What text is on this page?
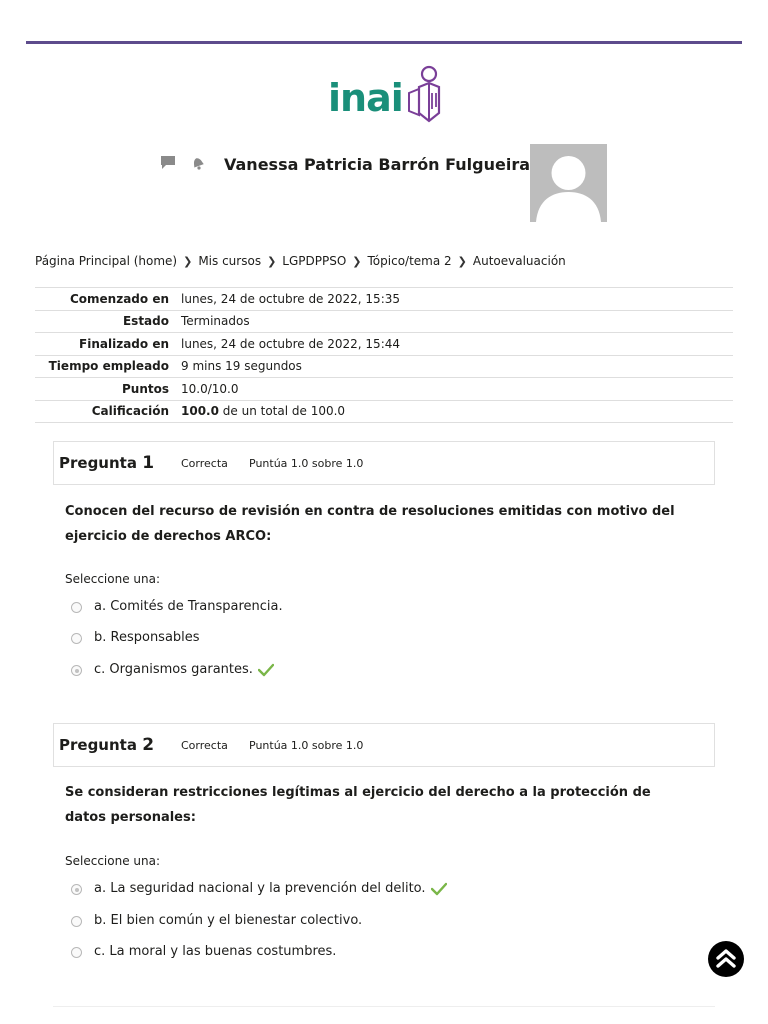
inai
Vanessa Patricia Barrón Fulgueira
Página Principal (home) ❯ Mis cursos ❯ LGPDPPSO ❯ Tópico/tema 2 ❯ Autoevaluación
Comenzado en	lunes, 24 de octubre de 2022, 15:35
Estado	Terminados
Finalizado en	lunes, 24 de octubre de 2022, 15:44
Tiempo empleado	9 mins 19 segundos
Puntos	10.0/10.0
Calificación	100.0 de un total de 100.0
Pregunta 1	Correcta	Puntúa 1.0 sobre 1.0
Conocen del recurso de revisión en contra de resoluciones emitidas con motivo del ejercicio de derechos ARCO:
Seleccione una:
a. Comités de Transparencia.
b. Responsables
c. Organismos garantes.
Pregunta 2	Correcta	Puntúa 1.0 sobre 1.0
Se consideran restricciones legítimas al ejercicio del derecho a la protección de datos personales:
Seleccione una:
a. La seguridad nacional y la prevención del delito.
b. El bien común y el bienestar colectivo.
c. La moral y las buenas costumbres.
